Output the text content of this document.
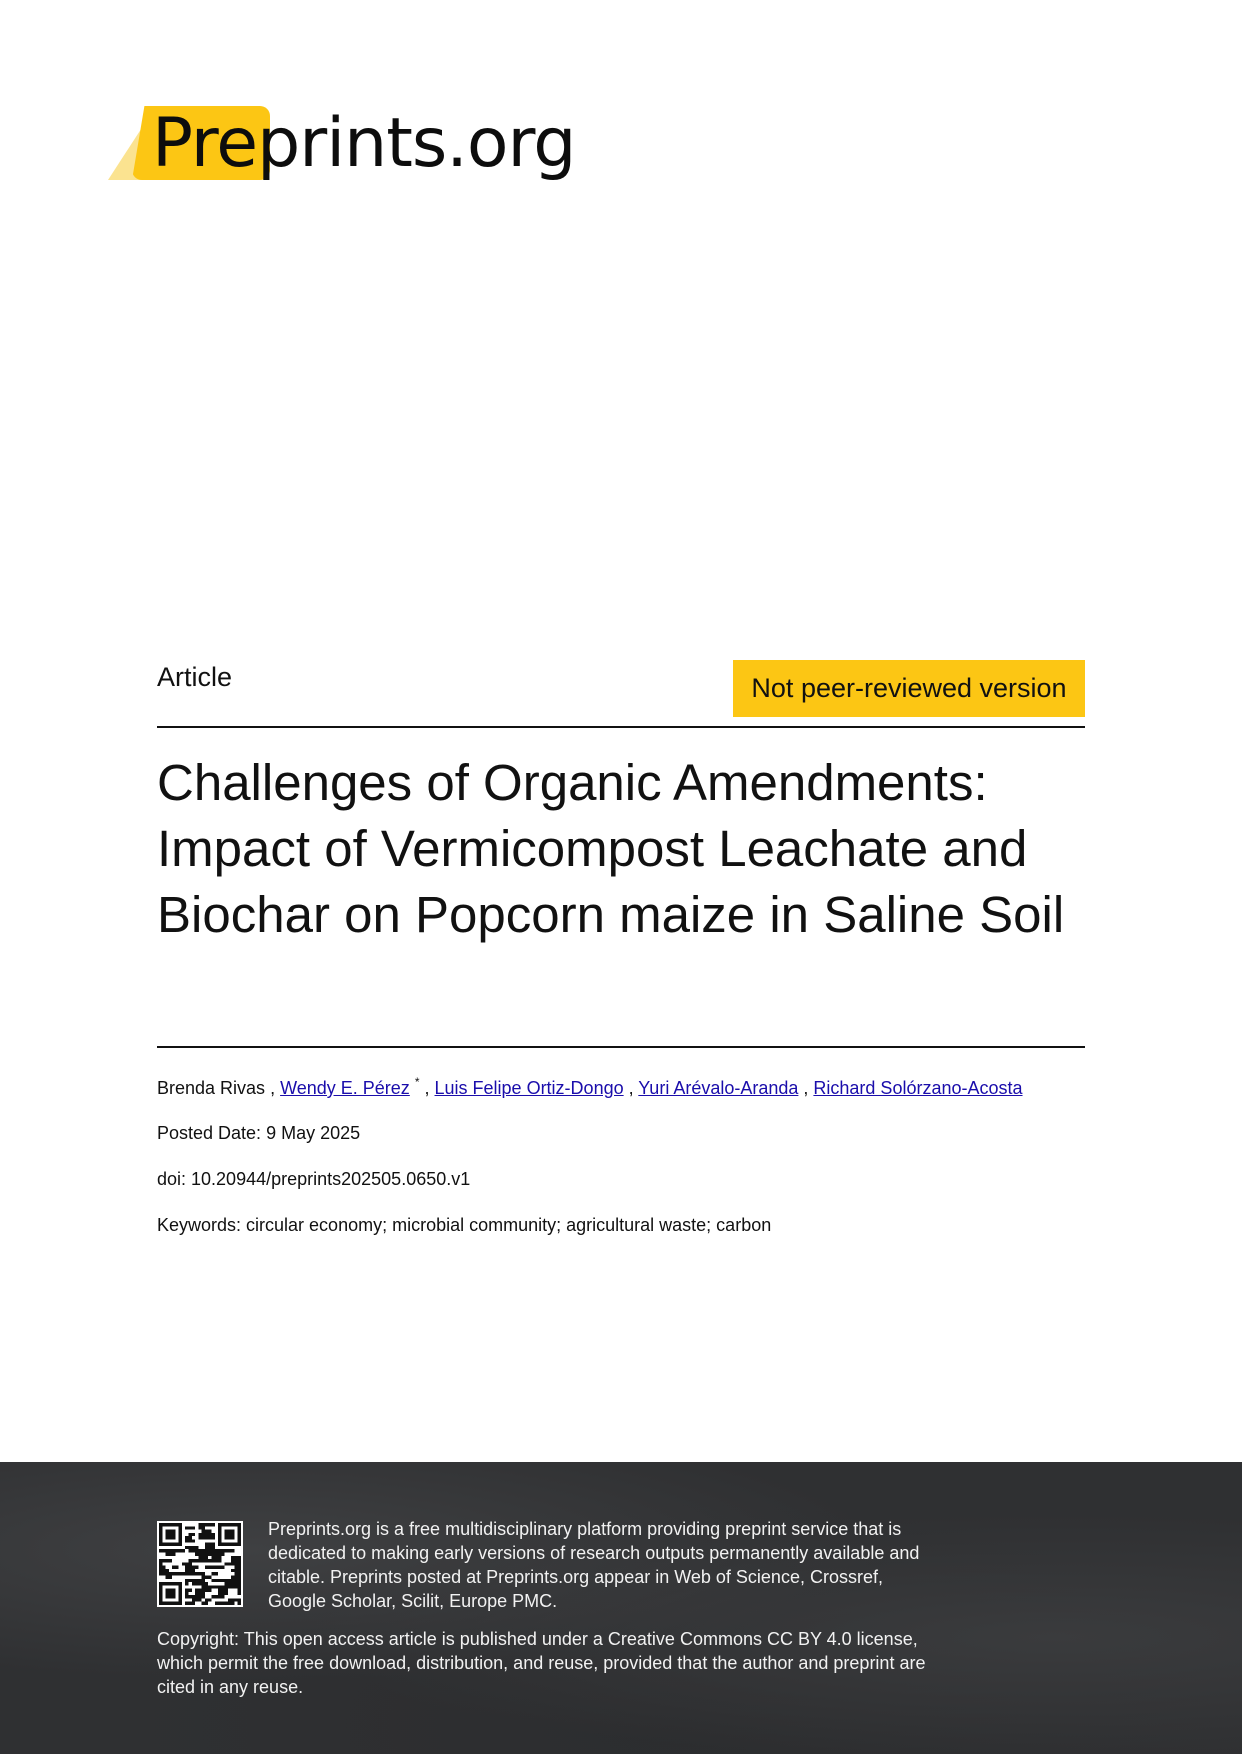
Preprints.org

Article	Not peer-reviewed version
Challenges of Organic Amendments: Impact of Vermicompost Leachate and Biochar on Popcorn maize in Saline Soil
Brenda Rivas , Wendy E. Pérez * , Luis Felipe Ortiz-Dongo , Yuri Arévalo-Aranda , Richard Solórzano-Acosta
Posted Date: 9 May 2025
doi: 10.20944/preprints202505.0650.v1
Keywords: circular economy; microbial community; agricultural waste; carbon

Preprints.org is a free multidisciplinary platform providing preprint service that is dedicated to making early versions of research outputs permanently available and citable. Preprints posted at Preprints.org appear in Web of Science, Crossref, Google Scholar, Scilit, Europe PMC.

Copyright: This open access article is published under a Creative Commons CC BY 4.0 license, which permit the free download, distribution, and reuse, provided that the author and preprint are cited in any reuse.
